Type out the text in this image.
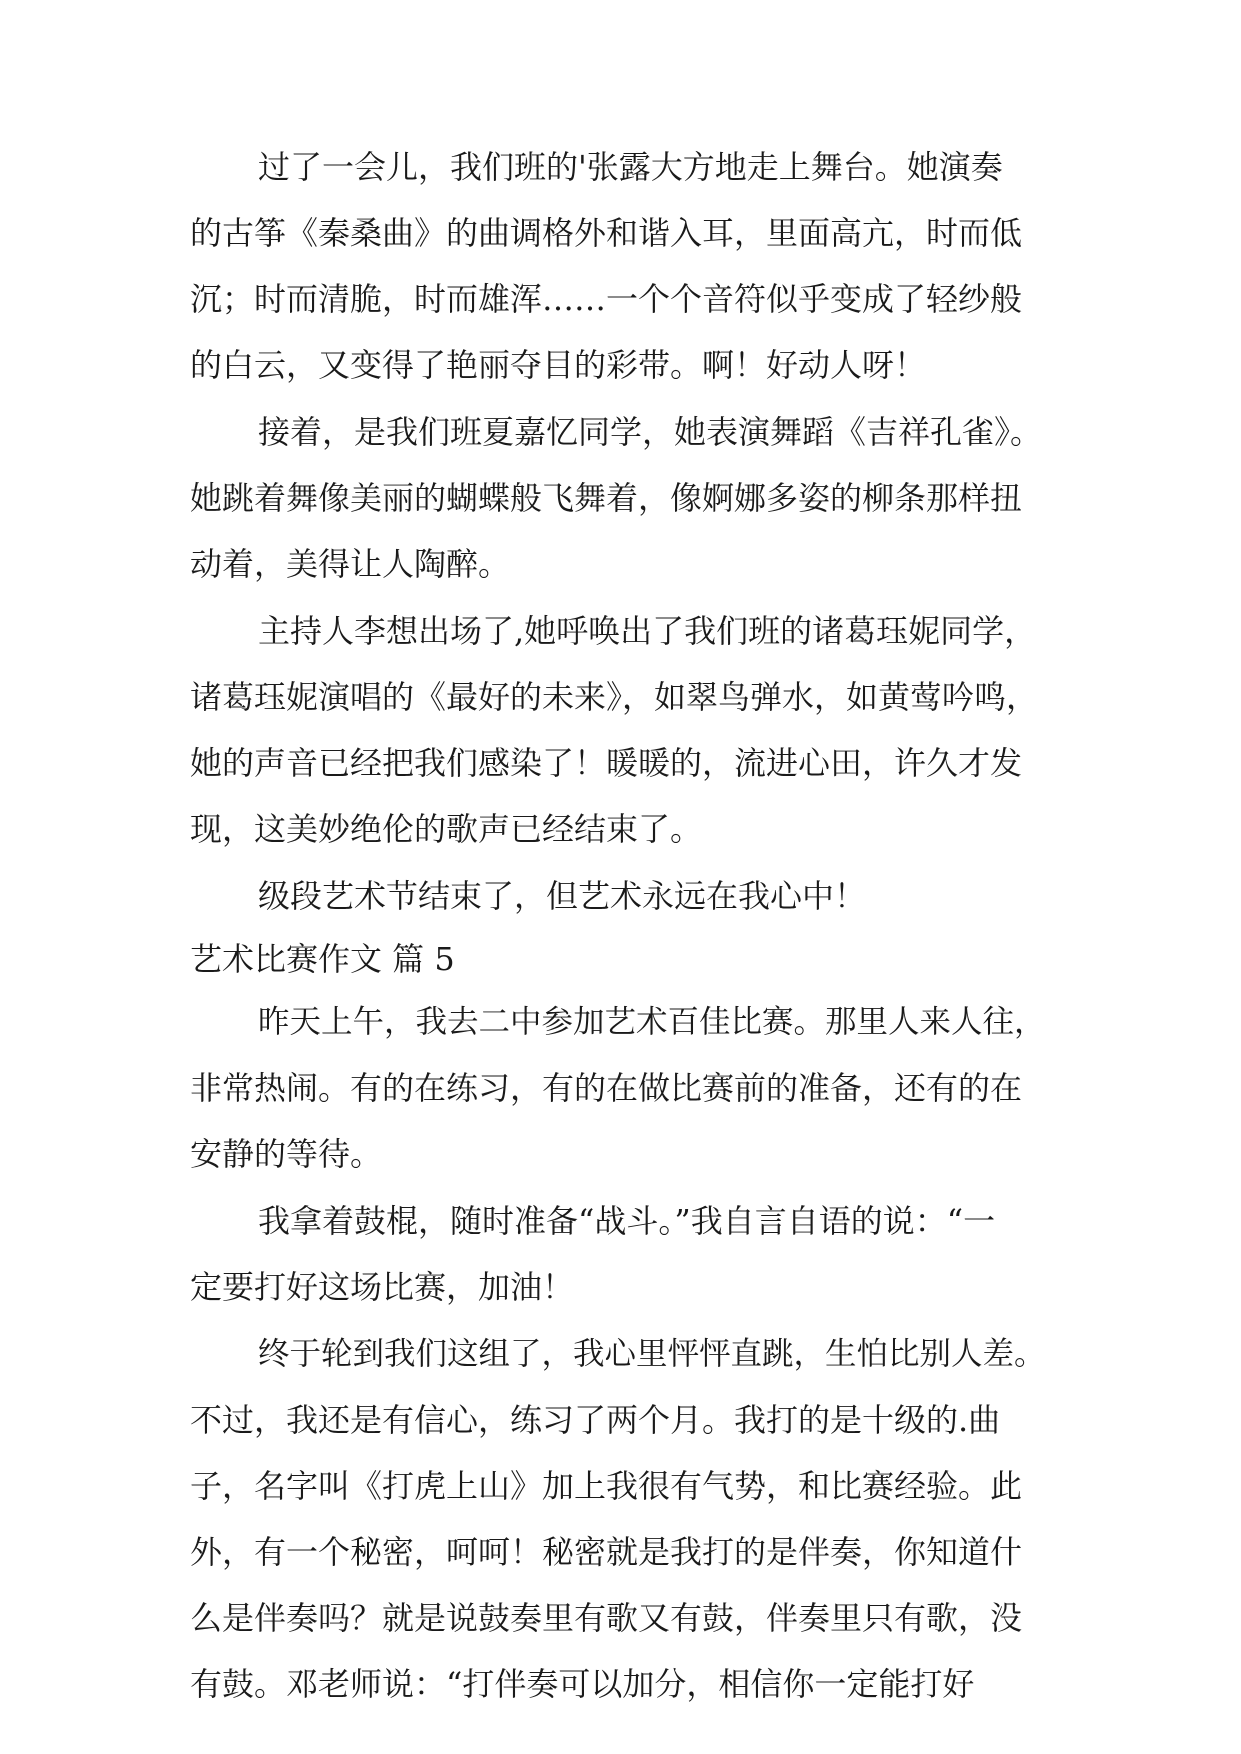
过了一会儿，我们班的'张露大方地走上舞台。她演奏
的古筝《秦桑曲》的曲调格外和谐入耳，里面高亢，时而低
沉；时而清脆，时而雄浑……一个个音符似乎变成了轻纱般
的白云，又变得了艳丽夺目的彩带。啊！好动人呀！
接着，是我们班夏嘉忆同学，她表演舞蹈《吉祥孔雀》。
她跳着舞像美丽的蝴蝶般飞舞着，像婀娜多姿的柳条那样扭
动着，美得让人陶醉。
主持人李想出场了,她呼唤出了我们班的诸葛珏妮同学，
诸葛珏妮演唱的《最好的未来》，如翠鸟弹水，如黄莺吟鸣，
她的声音已经把我们感染了！暖暖的，流进心田，许久才发
现，这美妙绝伦的歌声已经结束了。
级段艺术节结束了，但艺术永远在我心中！
艺术比赛作文 篇 5
昨天上午，我去二中参加艺术百佳比赛。那里人来人往，
非常热闹。有的在练习，有的在做比赛前的准备，还有的在
安静的等待。
我拿着鼓棍，随时准备“战斗。”我自言自语的说：“一
定要打好这场比赛，加油！
终于轮到我们这组了，我心里怦怦直跳，生怕比别人差。
不过，我还是有信心，练习了两个月。我打的是十级的.曲
子，名字叫《打虎上山》加上我很有气势，和比赛经验。此
外，有一个秘密，呵呵！秘密就是我打的是伴奏，你知道什
么是伴奏吗？就是说鼓奏里有歌又有鼓，伴奏里只有歌，没
有鼓。邓老师说：“打伴奏可以加分，相信你一定能打好
